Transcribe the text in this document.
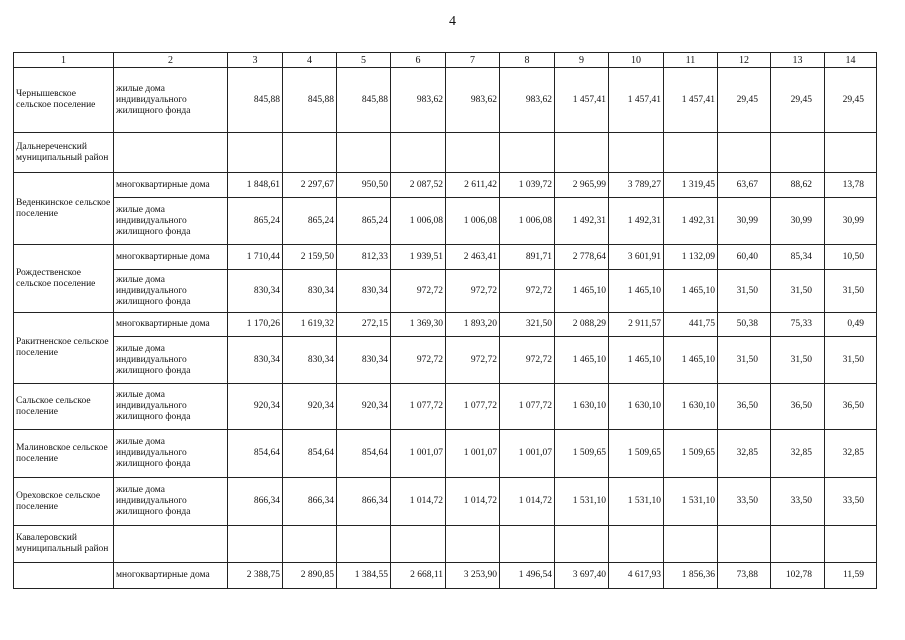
4
1	2	3	4	5	6	7	8	9	10	11	12	13	14
Чернышевское сельское поселение	жилые дома индивидуального жилищного фонда	845,88	845,88	845,88	983,62	983,62	983,62	1 457,41	1 457,41	1 457,41	29,45	29,45	29,45
Дальнереченский муниципальный район													
Веденкинское сельское поселение	многоквартирные дома	1 848,61	2 297,67	950,50	2 087,52	2 611,42	1 039,72	2 965,99	3 789,27	1 319,45	63,67	88,62	13,78
	жилые дома индивидуального жилищного фонда	865,24	865,24	865,24	1 006,08	1 006,08	1 006,08	1 492,31	1 492,31	1 492,31	30,99	30,99	30,99
Рождественское сельское поселение	многоквартирные дома	1 710,44	2 159,50	812,33	1 939,51	2 463,41	891,71	2 778,64	3 601,91	1 132,09	60,40	85,34	10,50
	жилые дома индивидуального жилищного фонда	830,34	830,34	830,34	972,72	972,72	972,72	1 465,10	1 465,10	1 465,10	31,50	31,50	31,50
Ракитненское сельское поселение	многоквартирные дома	1 170,26	1 619,32	272,15	1 369,30	1 893,20	321,50	2 088,29	2 911,57	441,75	50,38	75,33	0,49
	жилые дома индивидуального жилищного фонда	830,34	830,34	830,34	972,72	972,72	972,72	1 465,10	1 465,10	1 465,10	31,50	31,50	31,50
Сальское сельское поселение	жилые дома индивидуального жилищного фонда	920,34	920,34	920,34	1 077,72	1 077,72	1 077,72	1 630,10	1 630,10	1 630,10	36,50	36,50	36,50
Малиновское сельское поселение	жилые дома индивидуального жилищного фонда	854,64	854,64	854,64	1 001,07	1 001,07	1 001,07	1 509,65	1 509,65	1 509,65	32,85	32,85	32,85
Ореховское сельское поселение	жилые дома индивидуального жилищного фонда	866,34	866,34	866,34	1 014,72	1 014,72	1 014,72	1 531,10	1 531,10	1 531,10	33,50	33,50	33,50
Кавалеровский муниципальный район													
	многоквартирные дома	2 388,75	2 890,85	1 384,55	2 668,11	3 253,90	1 496,54	3 697,40	4 617,93	1 856,36	73,88	102,78	11,59
